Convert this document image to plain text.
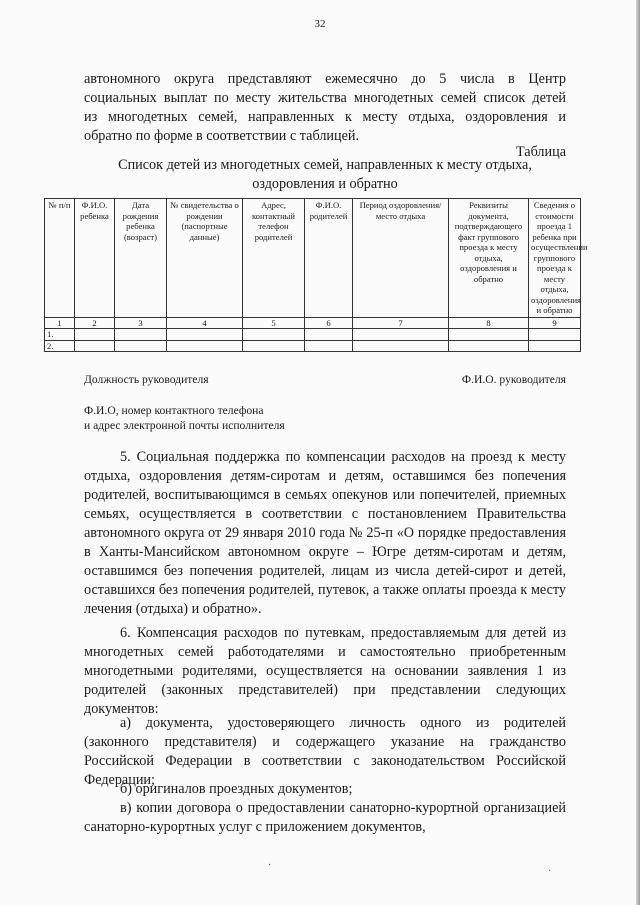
32
автономного округа представляют ежемесячно до 5 числа в Центр
социальных выплат по месту жительства многодетных семей список детей
из многодетных семей, направленных к месту отдыха, оздоровления и
обратно по форме в соответствии с таблицей.
Таблица
Список детей из многодетных семей, направленных к месту отдыха,
оздоровления и обратно
№ п/п	Ф.И.О. ребенка	Дата рождения ребенка (возраст)	№ свидетельства о рождении (паспортные данные)	Адрес, контактный телефон родителей	Ф.И.О. родителей	Период оздоровления/место отдыха	Реквизиты документа, подтверждающего факт группового проезда к месту отдыха, оздоровления и обратно	Сведения о стоимости проезда 1 ребенка при осуществлении группового проезда к месту отдыха, оздоровления и обратно
1	2	3	4	5	6	7	8	9
1.								
2.								
Должность руководителя	Ф.И.О. руководителя
Ф.И.О, номер контактного телефона
и адрес электронной почты исполнителя

5. Социальная поддержка по компенсации расходов на проезд к месту отдыха, оздоровления детям-сиротам и детям, оставшимся без попечения родителей, воспитывающимся в семьях опекунов или попечителей, приемных семьях, осуществляется в соответствии с постановлением Правительства автономного округа от 29 января 2010 года № 25-п «О порядке предоставления в Ханты-Мансийском автономном округе – Югре детям-сиротам и детям, оставшимся без попечения родителей, лицам из числа детей-сирот и детей, оставшихся без попечения родителей, путевок, а также оплаты проезда к месту лечения (отдыха) и обратно».

6. Компенсация расходов по путевкам, предоставляемым для детей из многодетных семей работодателями и самостоятельно приобретенным многодетными родителями, осуществляется на основании заявления 1 из родителей (законных представителей) при представлении следующих документов:

а) документа, удостоверяющего личность одного из родителей (законного представителя) и содержащего указание на гражданство Российской Федерации в соответствии с законодательством Российской Федерации;

б) оригиналов проездных документов;

в) копии договора о предоставлении санаторно-курортной организацией санаторно-курортных услуг с приложением документов,

·
·
